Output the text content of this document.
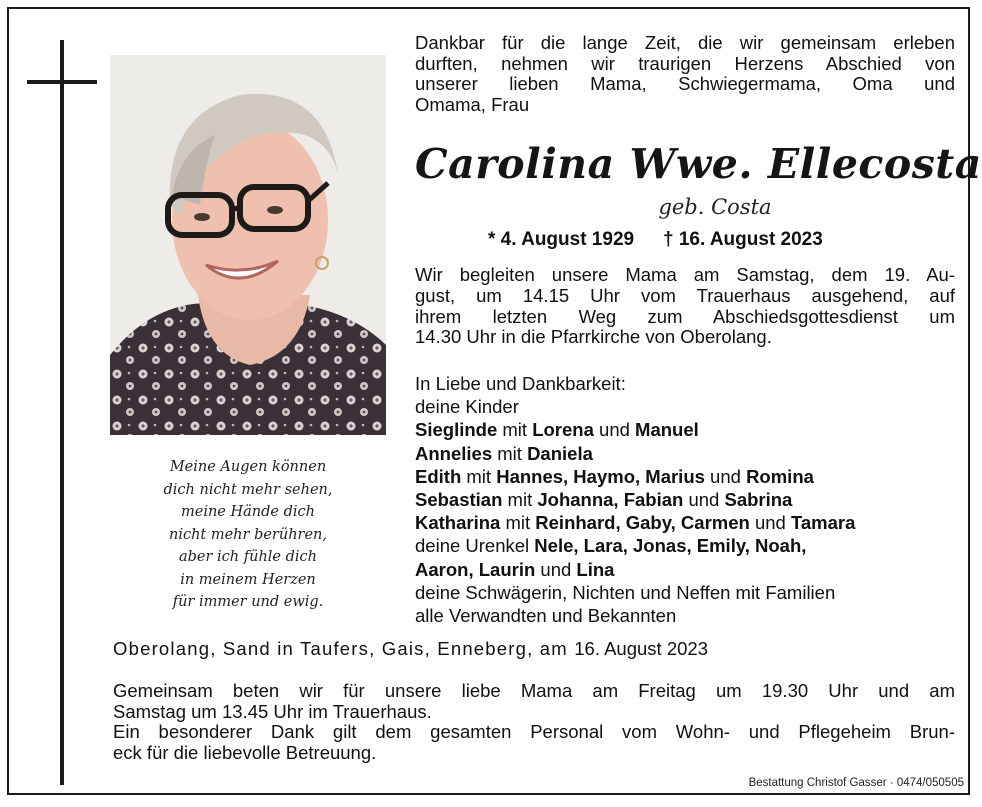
Meine Augen können
dich nicht mehr sehen,
meine Hände dich
nicht mehr berühren,
aber ich fühle dich
in meinem Herzen
für immer und ewig.
Dankbar für die lange Zeit, die wir gemeinsam erleben
durften, nehmen wir traurigen Herzens Abschied von
unserer lieben Mama, Schwiegermama, Oma und
Omama, Frau
Carolina Wwe. Ellecosta
geb. Costa
* 4. August 1929 † 16. August 2023
Wir begleiten unsere Mama am Samstag, dem 19. Au-
gust, um 14.15 Uhr vom Trauerhaus ausgehend, auf
ihrem letzten Weg zum Abschiedsgottesdienst um
14.30 Uhr in die Pfarrkirche von Oberolang.
In Liebe und Dankbarkeit:
deine Kinder
Sieglinde mit Lorena und Manuel
Annelies mit Daniela
Edith mit Hannes, Haymo, Marius und Romina
Sebastian mit Johanna, Fabian und Sabrina
Katharina mit Reinhard, Gaby, Carmen und Tamara
deine Urenkel Nele, Lara, Jonas, Emily, Noah,
Aaron, Laurin und Lina
deine Schwägerin, Nichten und Neffen mit Familien
alle Verwandten und Bekannten
Oberolang, Sand in Taufers, Gais, Enneberg, am 16. August 2023
Gemeinsam beten wir für unsere liebe Mama am Freitag um 19.30 Uhr und am
Samstag um 13.45 Uhr im Trauerhaus.
Ein besonderer Dank gilt dem gesamten Personal vom Wohn- und Pflegeheim Brun-
eck für die liebevolle Betreuung.
Bestattung Christof Gasser · 0474/050505
